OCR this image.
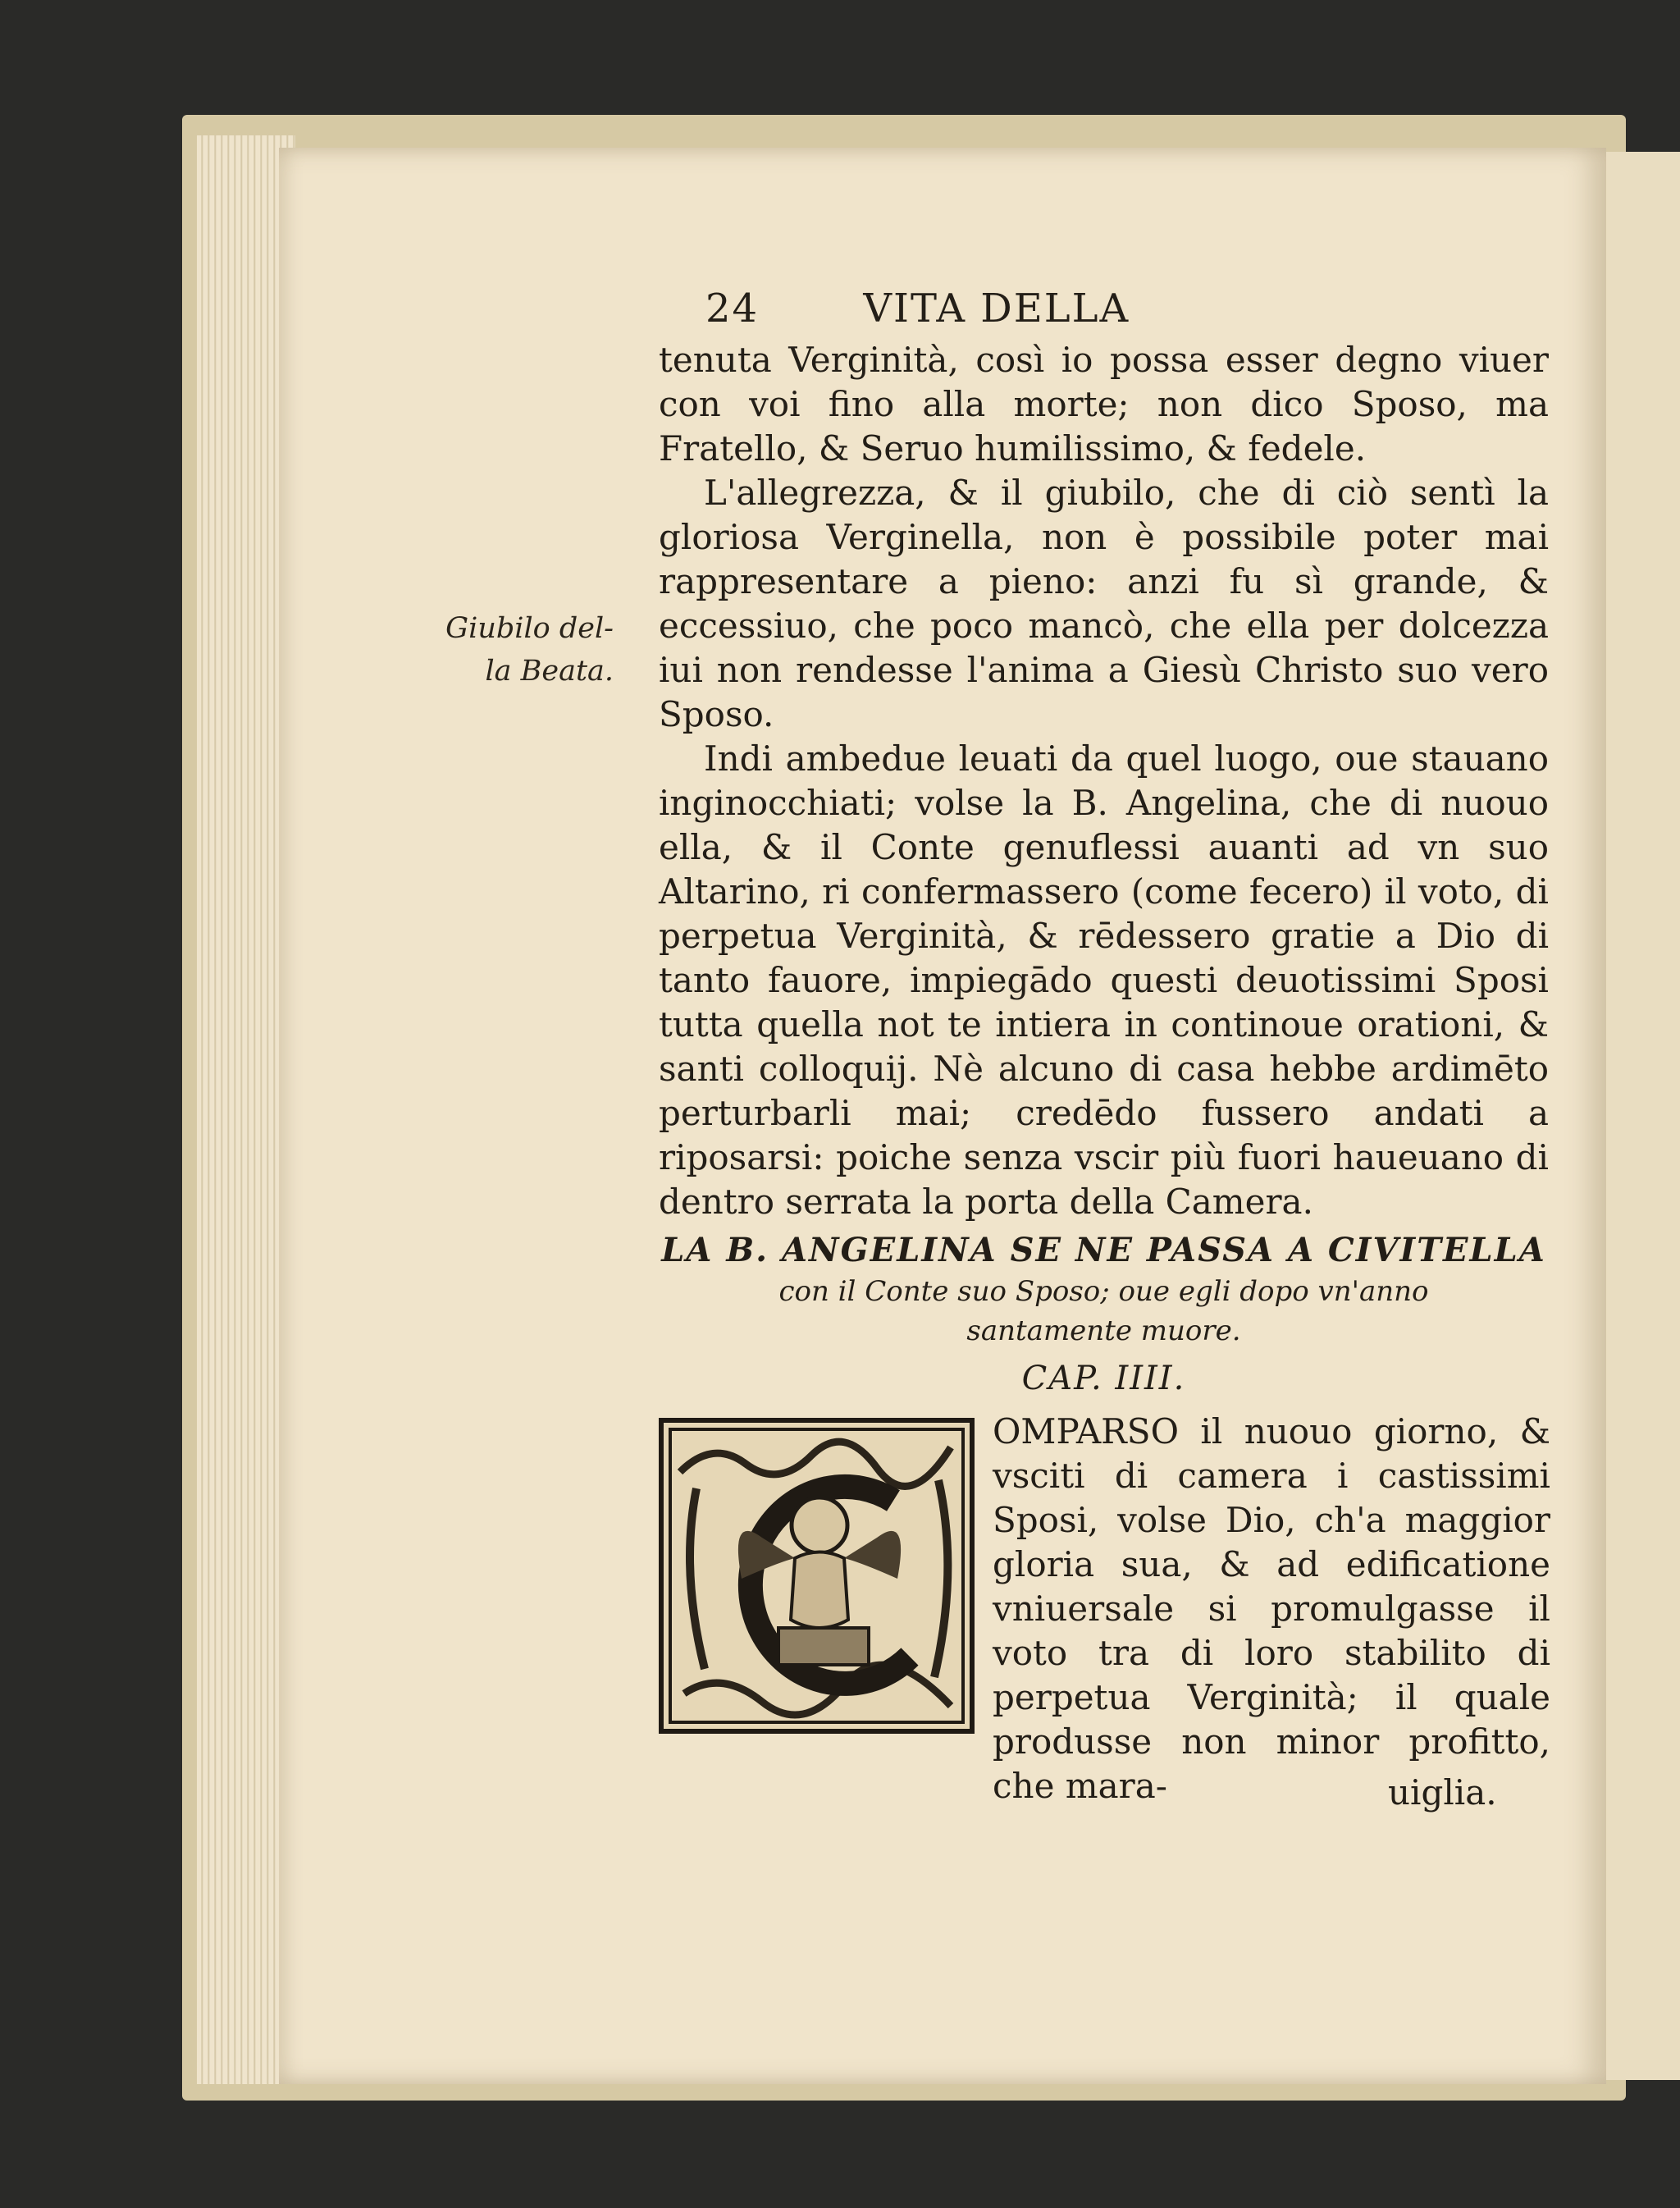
24	VITA DELLA
Giubilo del-
la Beata.

tenuta Verginità, così io possa esser degno viuer con voi fino alla morte; non dico Sposo, ma Fratello, & Seruo humilissimo, & fedele.

L'allegrezza, & il giubilo, che di ciò sentì la gloriosa Verginella, non è possibile poter mai rappresentare a pieno: anzi fu sì grande, & eccessiuo, che poco mancò, che ella per dolcezza iui non rendesse l'anima a Giesù Christo suo vero Sposo.

Indi ambedue leuati da quel luogo, oue stauano inginocchiati; volse la B. Angelina, che di nuouo ella, & il Conte genuflessi auanti ad vn suo Altarino, ri confermassero (come fecero) il voto, di perpetua Verginità, & rēdessero gratie a Dio di tanto fauore, impiegādo questi deuotissimi Sposi tutta quella not te intiera in continoue orationi, & santi colloquij. Nè alcuno di casa hebbe ardimēto perturbarli mai; credēdo fussero andati a riposarsi: poiche senza vscir più fuori haueuano di dentro serrata la porta della Camera.

LA B. ANGELINA SE NE PASSA A CIVITELLA
con il Conte suo Sposo; oue egli dopo vn'anno
santamente muore.
CAP. IIII.

OMPARSO il nuouo giorno, & vsciti di camera i castissimi Sposi, volse Dio, ch'a maggior gloria sua, & ad edificatione vniuersale si promulgasse il voto tra di loro stabilito di perpetua Verginità; il quale produsse non minor profitto, che mara-	uiglia.
